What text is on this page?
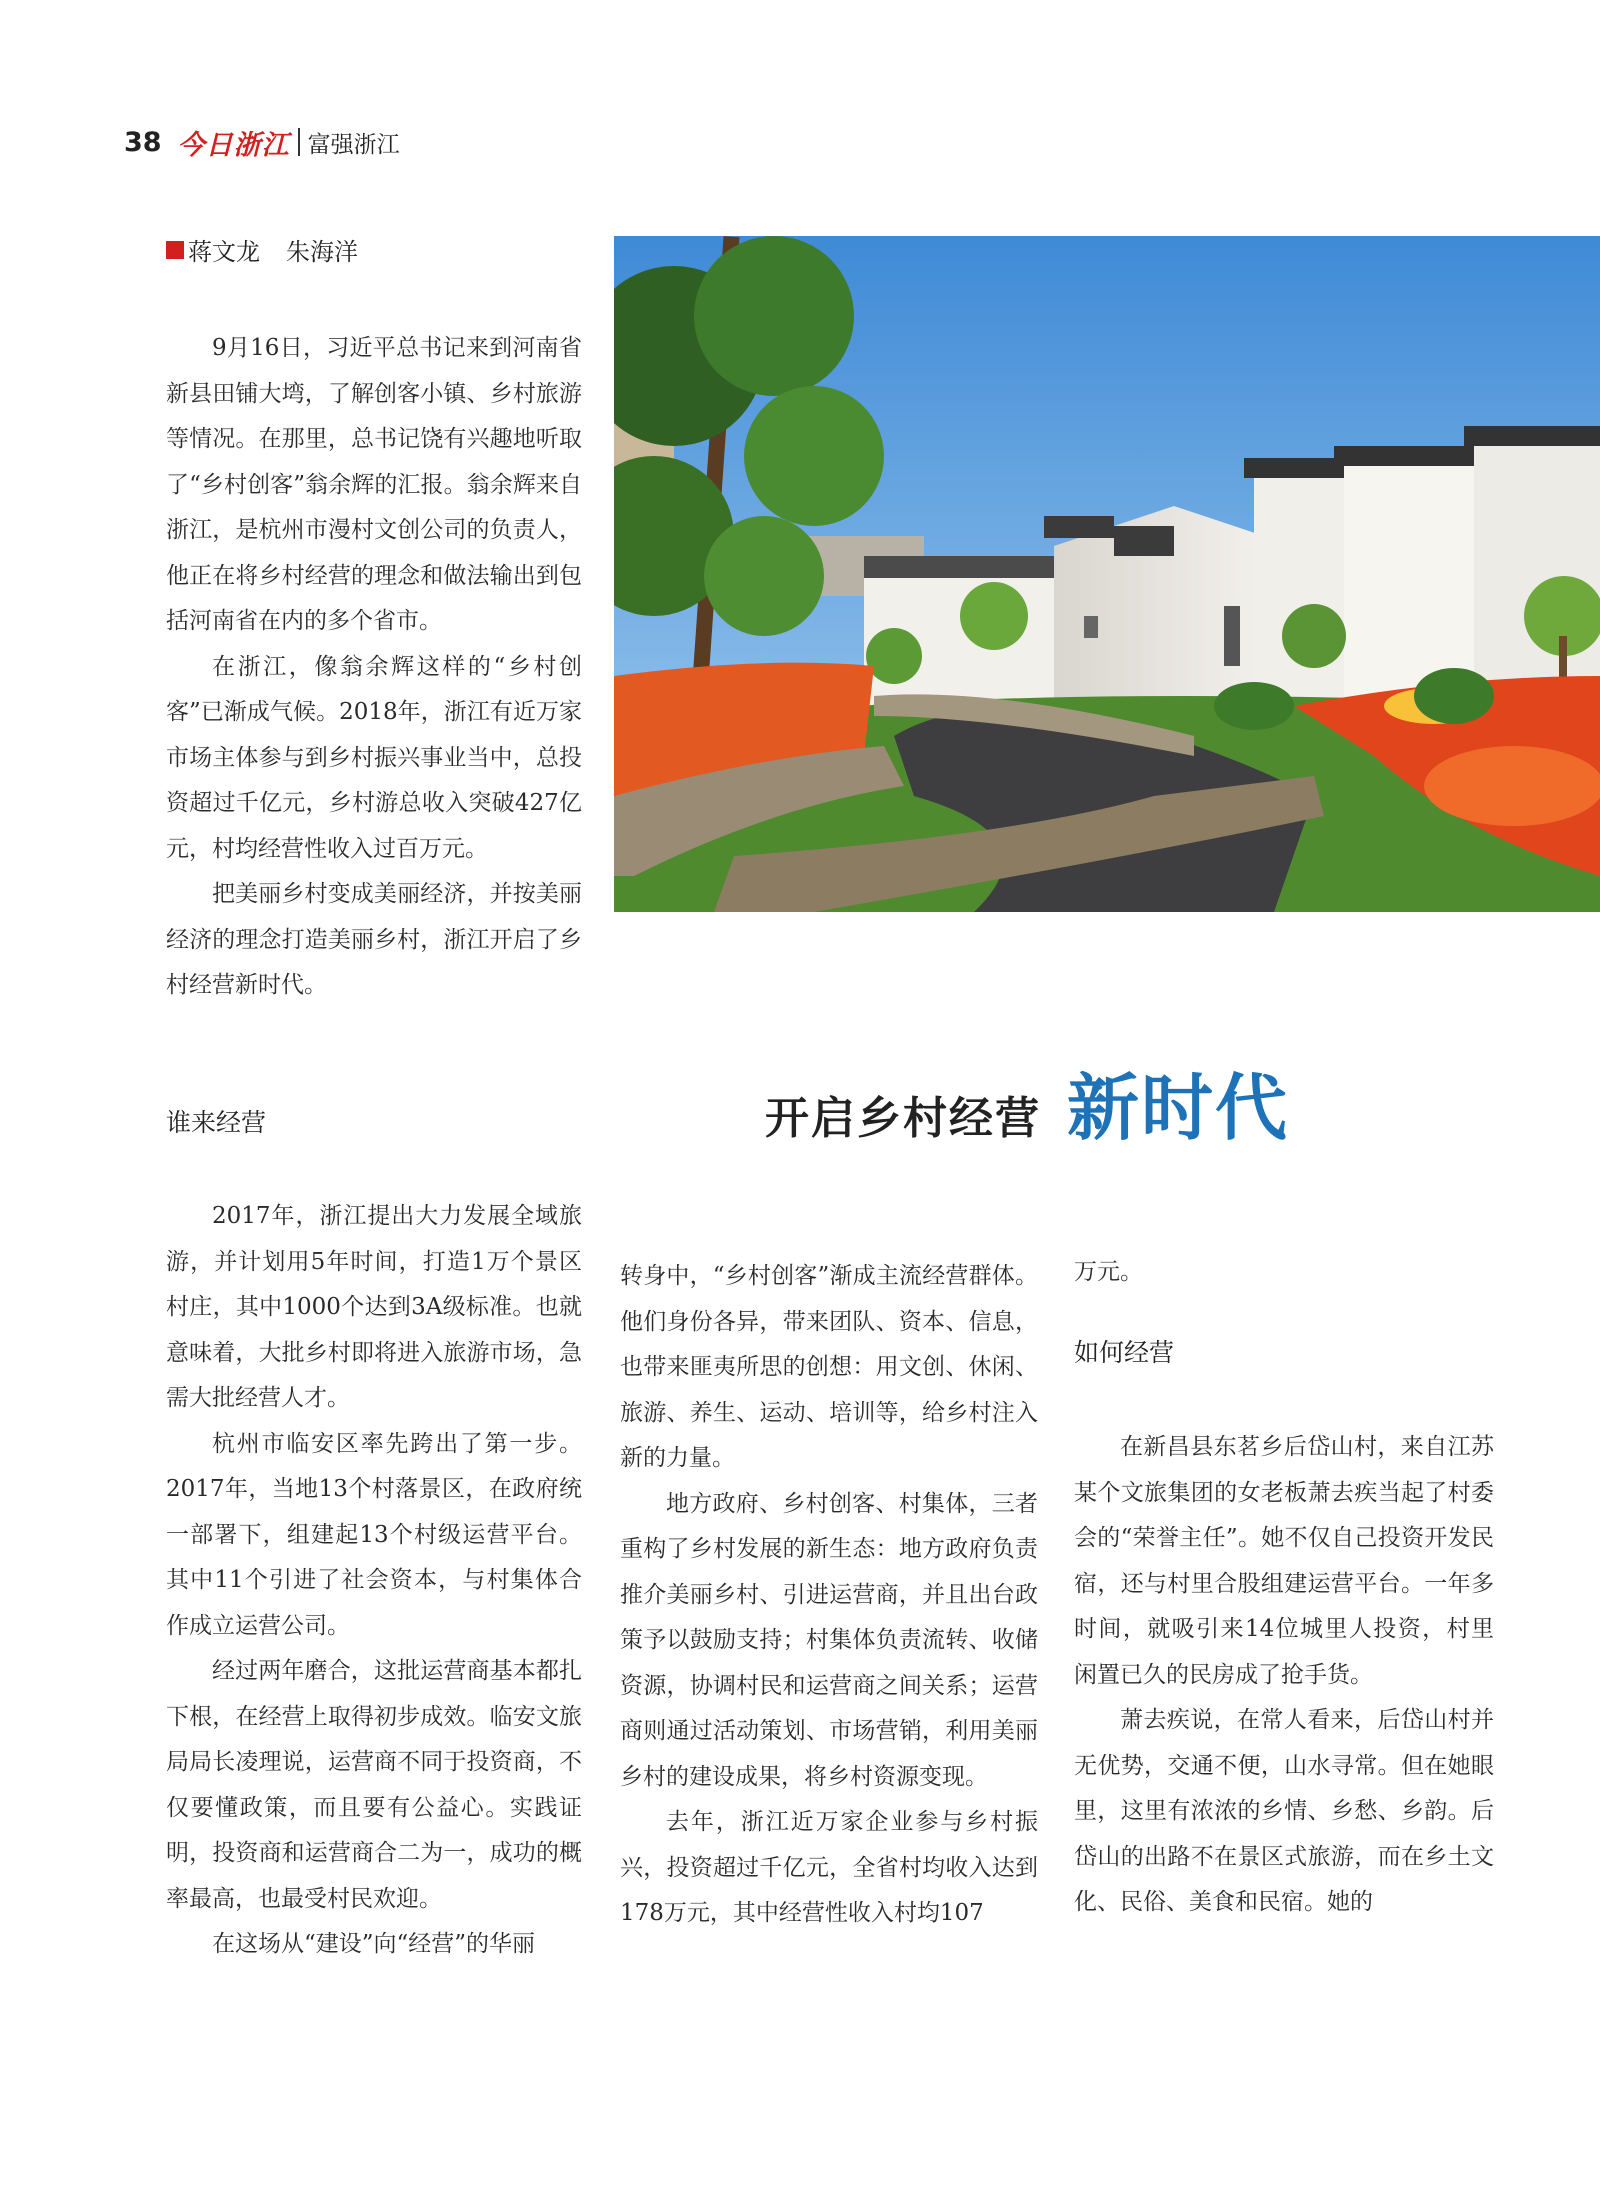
38 今日浙江 富强浙江
蒋文龙 朱海洋
开启乡村经营 新时代

9月16日，习近平总书记来到河南省新县田铺大塆，了解创客小镇、乡村旅游等情况。在那里，总书记饶有兴趣地听取了“乡村创客”翁余辉的汇报。翁余辉来自浙江，是杭州市漫村文创公司的负责人，他正在将乡村经营的理念和做法输出到包括河南省在内的多个省市。

在浙江，像翁余辉这样的“乡村创客”已渐成气候。2018年，浙江有近万家市场主体参与到乡村振兴事业当中，总投资超过千亿元，乡村游总收入突破427亿元，村均经营性收入过百万元。

把美丽乡村变成美丽经济，并按美丽经济的理念打造美丽乡村，浙江开启了乡村经营新时代。

谁来经营

2017年，浙江提出大力发展全域旅游，并计划用5年时间，打造1万个景区村庄，其中1000个达到3A级标准。也就意味着，大批乡村即将进入旅游市场，急需大批经营人才。

杭州市临安区率先跨出了第一步。2017年，当地13个村落景区，在政府统一部署下，组建起13个村级运营平台。其中11个引进了社会资本，与村集体合作成立运营公司。

经过两年磨合，这批运营商基本都扎下根，在经营上取得初步成效。临安文旅局局长凌理说，运营商不同于投资商，不仅要懂政策，而且要有公益心。实践证明，投资商和运营商合二为一，成功的概率最高，也最受村民欢迎。

在这场从“建设”向“经营”的华丽

转身中，“乡村创客”渐成主流经营群体。他们身份各异，带来团队、资本、信息，也带来匪夷所思的创想：用文创、休闲、旅游、养生、运动、培训等，给乡村注入新的力量。

地方政府、乡村创客、村集体，三者重构了乡村发展的新生态：地方政府负责推介美丽乡村、引进运营商，并且出台政策予以鼓励支持；村集体负责流转、收储资源，协调村民和运营商之间关系；运营商则通过活动策划、市场营销，利用美丽乡村的建设成果，将乡村资源变现。

去年，浙江近万家企业参与乡村振兴，投资超过千亿元，全省村均收入达到178万元，其中经营性收入村均107

万元。

如何经营

在新昌县东茗乡后岱山村，来自江苏某个文旅集团的女老板萧去疾当起了村委会的“荣誉主任”。她不仅自己投资开发民宿，还与村里合股组建运营平台。一年多时间，就吸引来14位城里人投资，村里闲置已久的民房成了抢手货。

萧去疾说，在常人看来，后岱山村并无优势，交通不便，山水寻常。但在她眼里，这里有浓浓的乡情、乡愁、乡韵。后岱山的出路不在景区式旅游，而在乡土文化、民俗、美食和民宿。她的
